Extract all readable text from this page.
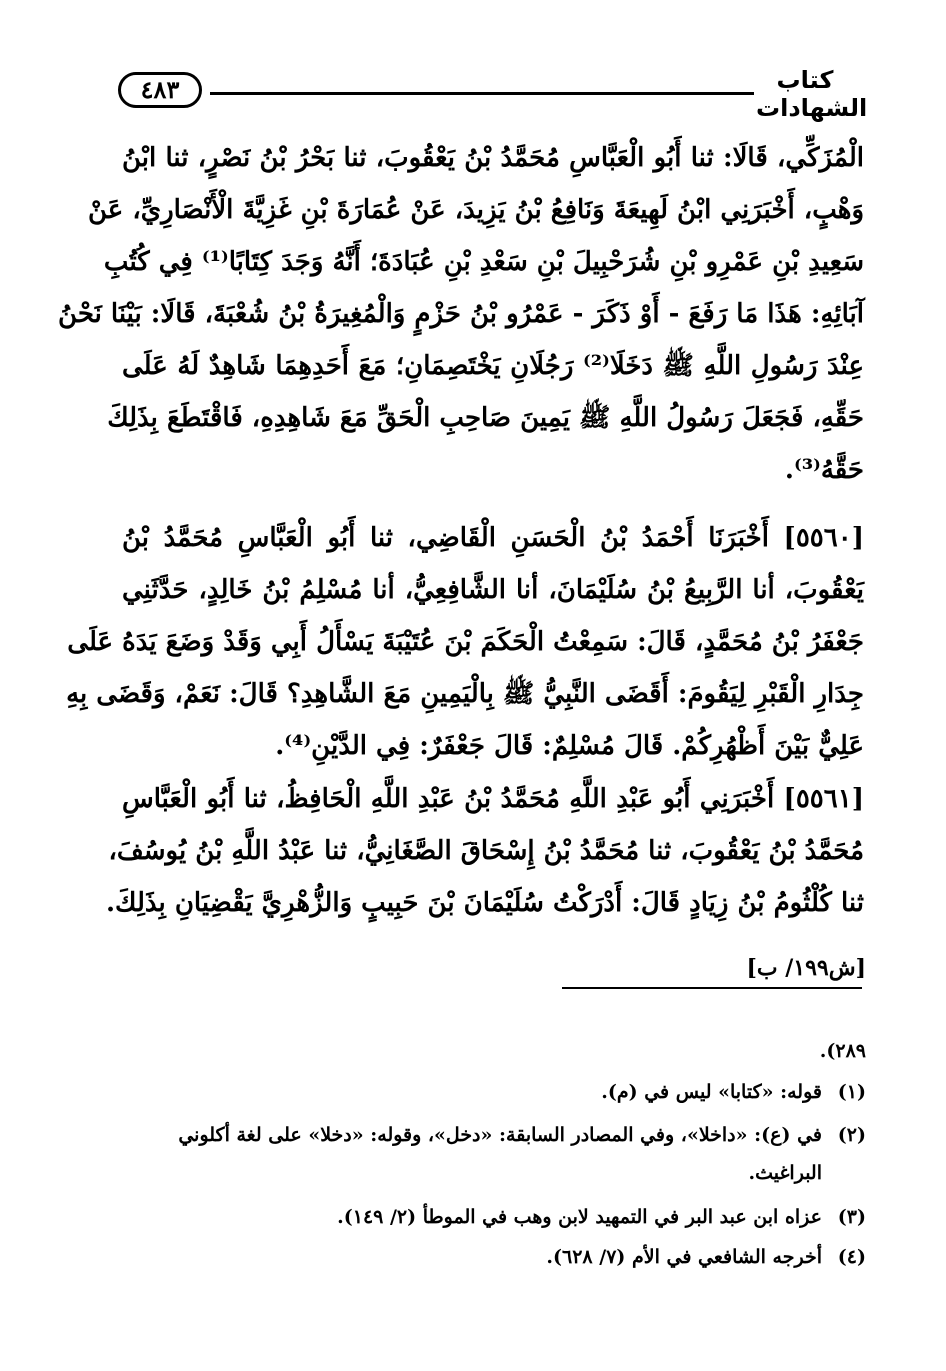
٤٨٣	كتاب الشهادات
الْمُزَكِّي، قَالَا: ثنا أَبُو الْعَبَّاسِ مُحَمَّدُ بْنُ يَعْقُوبَ، ثنا بَحْرُ بْنُ نَصْرٍ، ثنا ابْنُ
وَهْبٍ، أَخْبَرَنِي ابْنُ لَهِيعَةَ وَنَافِعُ بْنُ يَزِيدَ، عَنْ عُمَارَةَ بْنِ غَزِيَّةَ الْأَنْصَارِيِّ، عَنْ
سَعِيدِ بْنِ عَمْرِو بْنِ شُرَحْبِيلَ بْنِ سَعْدِ بْنِ عُبَادَةَ؛ أَنَّهُ وَجَدَ كِتَابًا⁽¹⁾ فِي كُتُبِ
آبَائِهِ: هَذَا مَا رَفَعَ - أَوْ ذَكَرَ - عَمْرُو بْنُ حَزْمٍ وَالْمُغِيرَةُ بْنُ شُعْبَةَ، قَالَا: بَيْنَا نَحْنُ
عِنْدَ رَسُولِ اللَّهِ ﷺ دَخَلَا⁽²⁾ رَجُلَانِ يَخْتَصِمَانِ؛ مَعَ أَحَدِهِمَا شَاهِدٌ لَهُ عَلَى
حَقِّهِ، فَجَعَلَ رَسُولُ اللَّهِ ﷺ يَمِينَ صَاحِبِ الْحَقِّ مَعَ شَاهِدِهِ، فَاقْتَطَعَ بِذَلِكَ
حَقَّهُ⁽³⁾.
[٥٥٦٠] أَخْبَرَنَا أَحْمَدُ بْنُ الْحَسَنِ الْقَاضِي، ثنا أَبُو الْعَبَّاسِ مُحَمَّدُ بْنُ
يَعْقُوبَ، أنا الرَّبِيعُ بْنُ سُلَيْمَانَ، أنا الشَّافِعِيُّ، أنا مُسْلِمُ بْنُ خَالِدٍ، حَدَّثَنِي
جَعْفَرُ بْنُ مُحَمَّدٍ، قَالَ: سَمِعْتُ الْحَكَمَ بْنَ عُتَيْبَةَ يَسْأَلُ أَبِي وَقَدْ وَضَعَ يَدَهُ عَلَى
جِدَارِ الْقَبْرِ لِيَقُومَ: أَقَضَى النَّبِيُّ ﷺ بِالْيَمِينِ مَعَ الشَّاهِدِ؟ قَالَ: نَعَمْ، وَقَضَى بِهِ
عَلِيٌّ بَيْنَ أَظْهُرِكُمْ. قَالَ مُسْلِمٌ: قَالَ جَعْفَرٌ: فِي الدَّيْنِ⁽⁴⁾.
[٥٥٦١] أَخْبَرَنِي أَبُو عَبْدِ اللَّهِ مُحَمَّدُ بْنُ عَبْدِ اللَّهِ الْحَافِظُ، ثنا أَبُو الْعَبَّاسِ
مُحَمَّدُ بْنُ يَعْقُوبَ، ثنا مُحَمَّدُ بْنُ إِسْحَاقَ الصَّغَانِيُّ، ثنا عَبْدُ اللَّهِ بْنُ يُوسُفَ،
ثنا كُلْثُومُ بْنُ زِيَادٍ قَالَ: أَدْرَكْتُ سُلَيْمَانَ بْنَ حَبِيبٍ وَالزُّهْرِيَّ يَقْضِيَانِ بِذَلِكَ.
[ش١٩٩/ ب]
٢٨٩).
(١)قوله: «كتابا» ليس في (م).
(٢)في (ع): «داخلا»، وفي المصادر السابقة: «دخل»، وقوله: «دخلا» على لغة أكلوني
البراغيث.
(٣)عزاه ابن عبد البر في التمهيد لابن وهب في الموطأ (٢/ ١٤٩).
(٤)أخرجه الشافعي في الأم (٧/ ٦٢٨).
